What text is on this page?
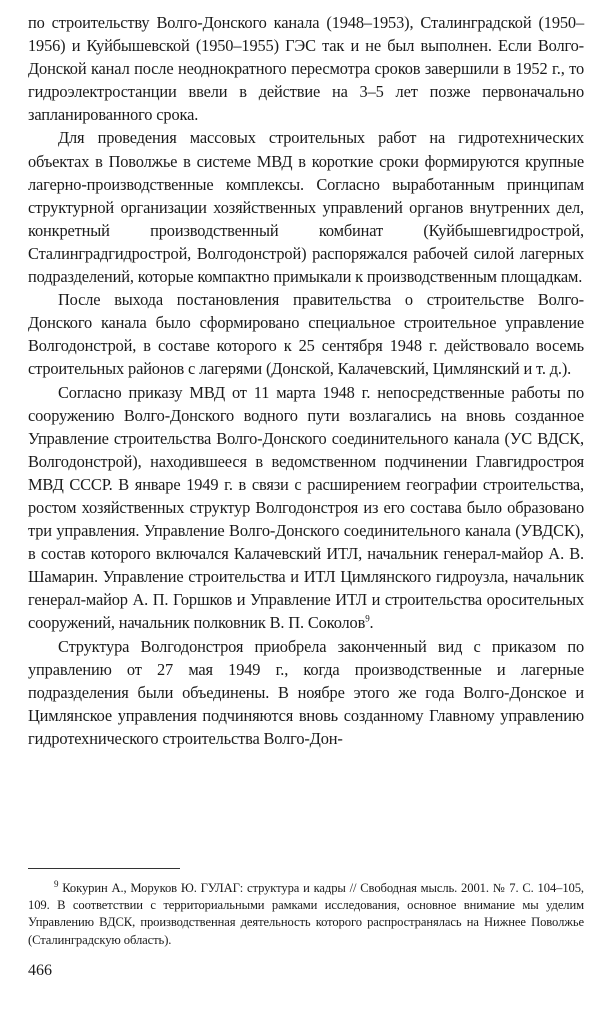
по строительству Волго-Донского канала (1948–1953), Сталинградской (1950–1956) и Куйбышевской (1950–1955) ГЭС так и не был выполнен. Если Волго-Донской канал после неоднократного пересмотра сроков завершили в 1952 г., то гидроэлектростанции ввели в действие на 3–5 лет позже первоначально запланированного срока.

Для проведения массовых строительных работ на гидротехнических объектах в Поволжье в системе МВД в короткие сроки формируются крупные лагерно-производственные комплексы. Согласно выработанным принципам структурной организации хозяйственных управлений органов внутренних дел, конкретный производственный комбинат (Куйбышевгидрострой, Сталинградгидрострой, Волгодонстрой) распоряжался рабочей силой лагерных подразделений, которые компактно примыкали к производственным площадкам.

После выхода постановления правительства о строительстве Волго-Донского канала было сформировано специальное строительное управление Волгодонстрой, в составе которого к 25 сентября 1948 г. действовало восемь строительных районов с лагерями (Донской, Калачевский, Цимлянский и т. д.).

Согласно приказу МВД от 11 марта 1948 г. непосредственные работы по сооружению Волго-Донского водного пути возлагались на вновь созданное Управление строительства Волго-Донского соединительного канала (УС ВДСК, Волгодонстрой), находившееся в ведомственном подчинении Главгидростроя МВД СССР. В январе 1949 г. в связи с расширением географии строительства, ростом хозяйственных структур Волгодонстроя из его состава было образовано три управления. Управление Волго-Донского соединительного канала (УВДСК), в состав которого включался Калачевский ИТЛ, начальник генерал-майор А. В. Шамарин. Управление строительства и ИТЛ Цимлянского гидроузла, начальник генерал-майор А. П. Горшков и Управление ИТЛ и строительства оросительных сооружений, начальник полковник В. П. Соколов$^9$.

Структура Волгодонстроя приобрела законченный вид с приказом по управлению от 27 мая 1949 г., когда производственные и лагерные подразделения были объединены. В ноябре этого же года Волго-Донское и Цимлянское управления подчиняются вновь созданному Главному управлению гидротехнического строительства Волго-Дон-

$^9$ Кокурин А., Моруков Ю. ГУЛАГ: структура и кадры // Свободная мысль. 2001. № 7. С. 104–105, 109. В соответствии с территориальными рамками исследования, основное внимание мы уделим Управлению ВДСК, производственная деятельность которого распространялась на Нижнее Поволжье (Сталинградскую область).

466
